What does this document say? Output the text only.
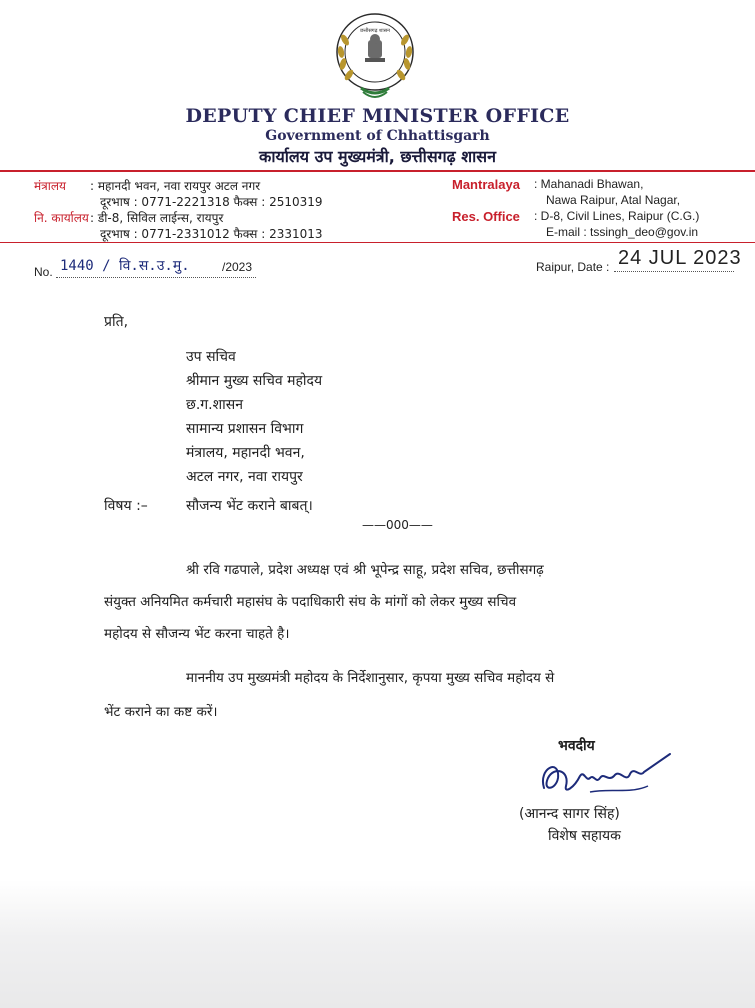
छत्तीसगढ़ शासन
DEPUTY CHIEF MINISTER OFFICE
Government of Chhattisgarh
कार्यालय उप मुख्यमंत्री, छत्तीसगढ़ शासन
मंत्रालय : महानदी भवन, नवा रायपुर अटल नगर
दूरभाष : 0771-2221318 फैक्स : 2510319
नि. कार्यालय : डी-8, सिविल लाईन्स, रायपुर
दूरभाष : 0771-2331012 फैक्स : 2331013
Mantralaya : Mahanadi Bhawan,
Nawa Raipur, Atal Nagar,
Res. Office : D-8, Civil Lines, Raipur (C.G.)
E-mail : tssingh_deo@gov.in
No. 1440 / वि.स.उ.मु.	/2023	Raipur, Date : 24 JUL 2023
प्रति,
उप सचिव
श्रीमान मुख्य सचिव महोदय
छ.ग.शासन
सामान्य प्रशासन विभाग
मंत्रालय, महानदी भवन,
अटल नगर, नवा रायपुर
विषय :–	सौजन्य भेंट कराने बाबत्।
——000——
श्री रवि गढपाले, प्रदेश अध्यक्ष एवं श्री भूपेन्द्र साहू, प्रदेश सचिव, छत्तीसगढ़
संयुक्त अनियमित कर्मचारी महासंघ के पदाधिकारी संघ के मांगों को लेकर मुख्य सचिव
महोदय से सौजन्य भेंट करना चाहते है।
माननीय उप मुख्यमंत्री महोदय के निर्देशानुसार, कृपया मुख्य सचिव महोदय से
भेंट कराने का कष्ट करें।
भवदीय
(आनन्द सागर सिंह)
विशेष सहायक
